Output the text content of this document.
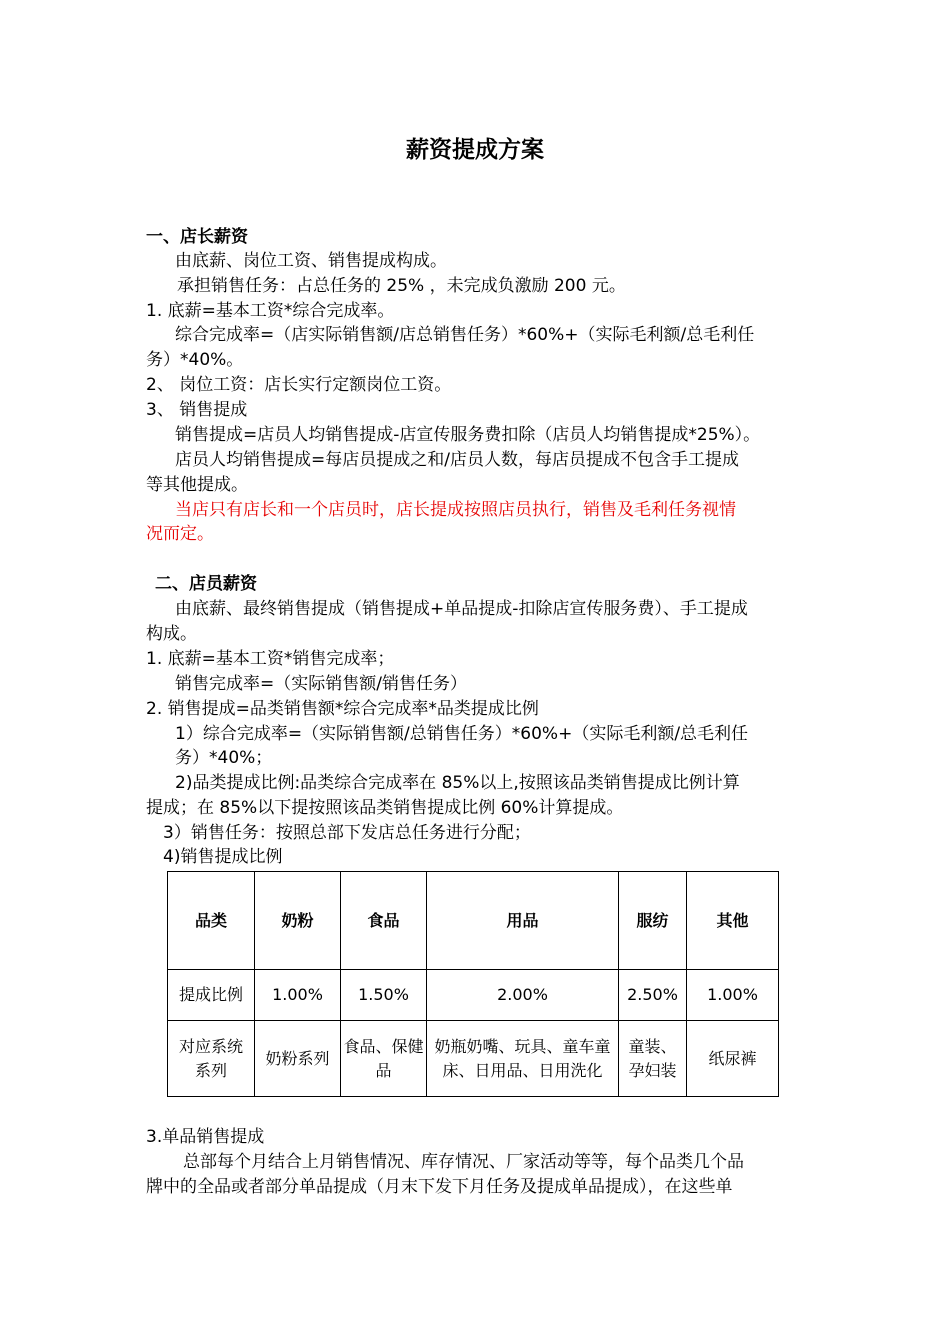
薪资提成方案
一、店长薪资
由底薪、岗位工资、销售提成构成。
承担销售任务：占总任务的 25% ，未完成负激励 200 元。
1. 底薪=基本工资*综合完成率。
综合完成率=（店实际销售额/店总销售任务）*60%+（实际毛利额/总毛利任
务）*40%。
2、 岗位工资：店长实行定额岗位工资。
3、 销售提成
销售提成=店员人均销售提成-店宣传服务费扣除（店员人均销售提成*25%）。
店员人均销售提成=每店员提成之和/店员人数，每店员提成不包含手工提成
等其他提成。
当店只有店长和一个店员时，店长提成按照店员执行，销售及毛利任务视情
况而定。
二、店员薪资
由底薪、最终销售提成（销售提成+单品提成-扣除店宣传服务费）、手工提成
构成。
1. 底薪=基本工资*销售完成率；
销售完成率=（实际销售额/销售任务）
2. 销售提成=品类销售额*综合完成率*品类提成比例
1）综合完成率=（实际销售额/总销售任务）*60%+（实际毛利额/总毛利任
务）*40%；
2)品类提成比例:品类综合完成率在 85%以上,按照该品类销售提成比例计算
提成；在 85%以下提按照该品类销售提成比例 60%计算提成。
3）销售任务：按照总部下发店总任务进行分配；
4)销售提成比例
品类	奶粉	食品	用品	服纺	其他
提成比例	1.00%	1.50%	2.00%	2.50%	1.00%
对应系统系列	奶粉系列	食品、保健品	奶瓶奶嘴、玩具、童车童床、日用品、日用洗化	童装、孕妇装	纸尿裤
3.单品销售提成
总部每个月结合上月销售情况、库存情况、厂家活动等等，每个品类几个品
牌中的全品或者部分单品提成（月末下发下月任务及提成单品提成），在这些单
